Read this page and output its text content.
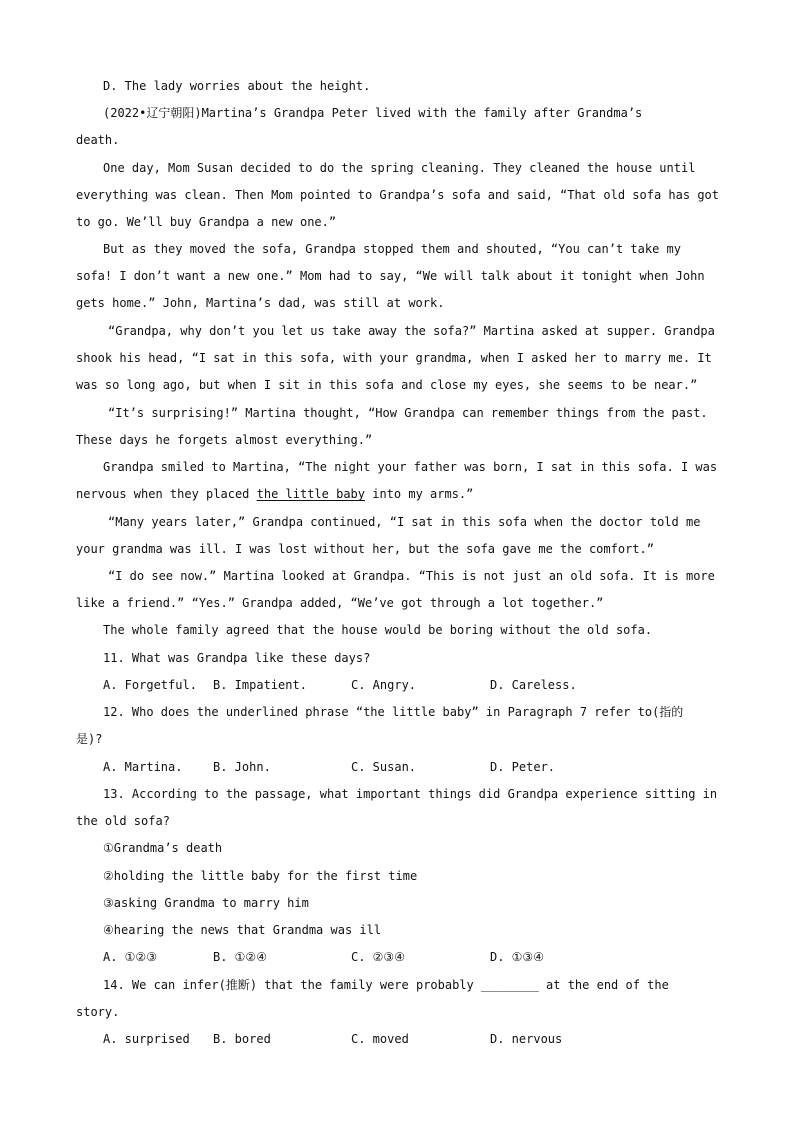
D. The lady worries about the height.
(2022•辽宁朝阳)Martina’s Grandpa Peter lived with the family after Grandma’s
death.
One day, Mom Susan decided to do the spring cleaning. They cleaned the house until
everything was clean. Then Mom pointed to Grandpa’s sofa and said, “That old sofa has got
to go. We’ll buy Grandpa a new one.”
But as they moved the sofa, Grandpa stopped them and shouted, “You can’t take my
sofa! I don’t want a new one.” Mom had to say, “We will talk about it tonight when John
gets home.” John, Martina’s dad, was still at work.
“Grandpa, why don’t you let us take away the sofa?” Martina asked at supper. Grandpa
shook his head, “I sat in this sofa, with your grandma, when I asked her to marry me. It
was so long ago, but when I sit in this sofa and close my eyes, she seems to be near.”
“It’s surprising!” Martina thought, “How Grandpa can remember things from the past.
These days he forgets almost everything.”
Grandpa smiled to Martina, “The night your father was born, I sat in this sofa. I was
nervous when they placed the little baby into my arms.”
“Many years later,” Grandpa continued, “I sat in this sofa when the doctor told me
your grandma was ill. I was lost without her, but the sofa gave me the comfort.”
“I do see now.” Martina looked at Grandpa. “This is not just an old sofa. It is more
like a friend.” “Yes.” Grandpa added, “We’ve got through a lot together.”
The whole family agreed that the house would be boring without the old sofa.
11. What was Grandpa like these days?
A. Forgetful. B. Impatient.	C. Angry.	D. Careless.
12. Who does the underlined phrase “the little baby” in Paragraph 7 refer to(指的
是)?
A. Martina.	B. John.	C. Susan.	D. Peter.
13. According to the passage, what important things did Grandpa experience sitting in
the old sofa?
①Grandma’s death
②holding the little baby for the first time
③asking Grandma to marry him
④hearing the news that Grandma was ill
A. ①②③	B. ①②④	C. ②③④	D. ①③④
14. We can infer(推断) that the family were probably ________ at the end of the
story.
A. surprised B. bored	C. moved	D. nervous
